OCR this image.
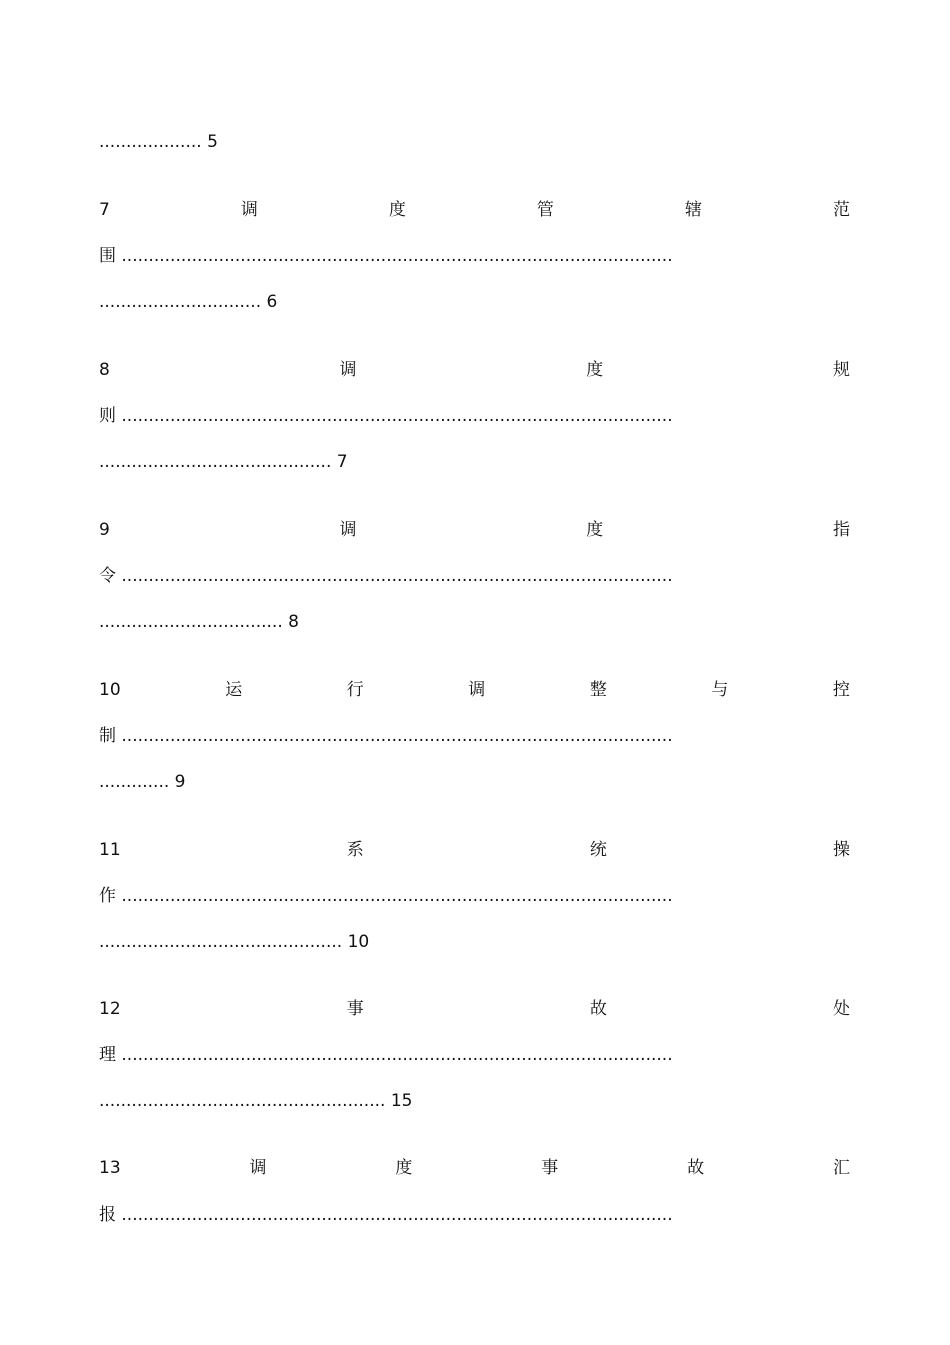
................... 5
7	调	度	管	辖	范
围 ......................................................................................................
.............................. 6
8	调	度	规
则 ......................................................................................................
........................................... 7
9	调	度	指
令 ......................................................................................................
.................................. 8
10	运	行	调	整	与	控
制 ......................................................................................................
............. 9
11	系	统	操
作 ......................................................................................................
............................................. 10
12	事	故	处
理 ......................................................................................................
..................................................... 15
13	调	度	事	故	汇
报 ......................................................................................................
